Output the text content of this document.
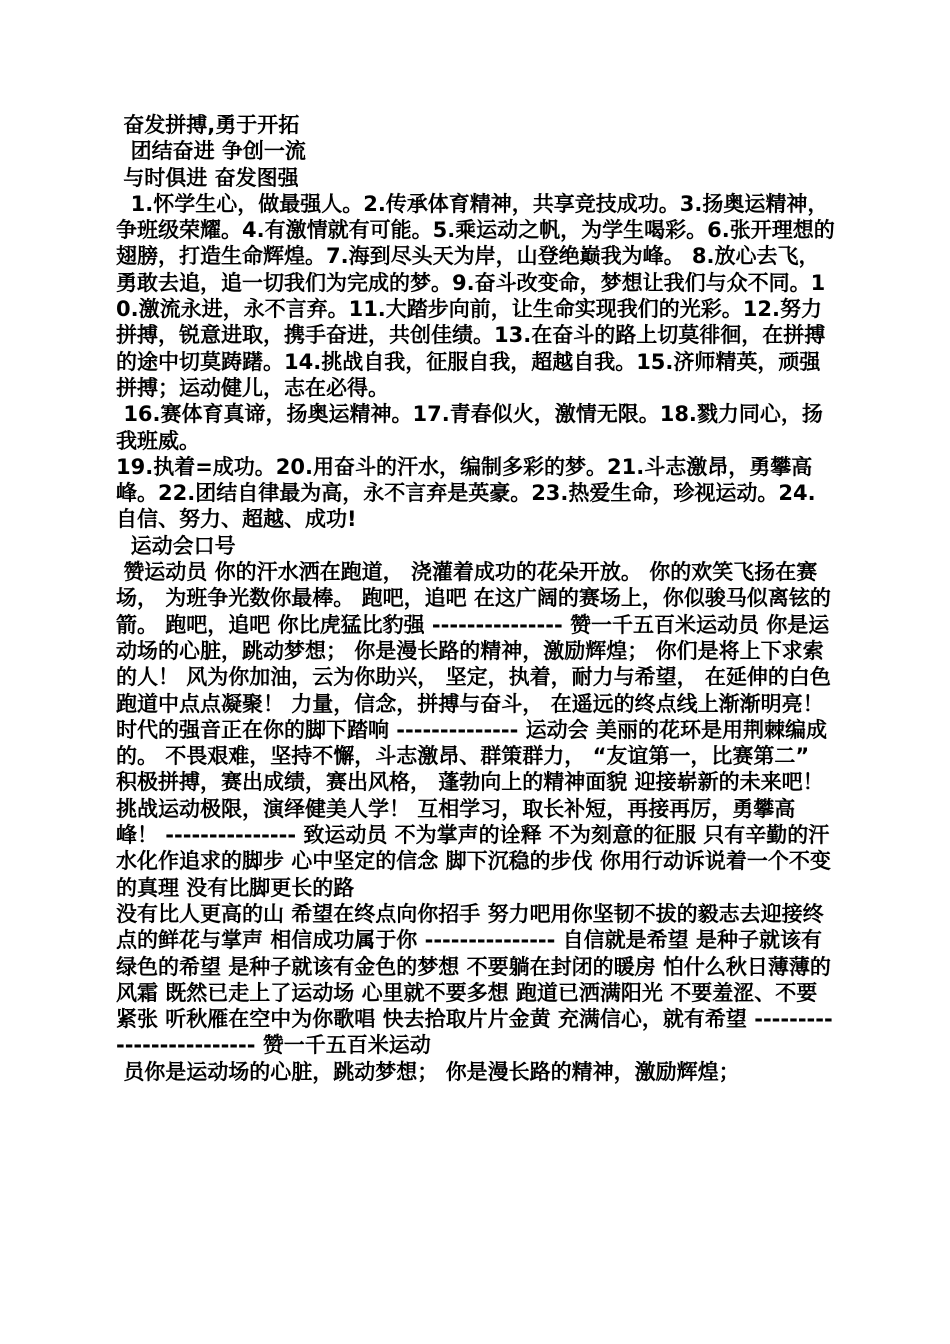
奋发拼搏,勇于开拓
团结奋进 争创一流
与时俱进 奋发图强

1.怀学生心，做最强人。2.传承体育精神，共享竞技成功。3.扬奥运精神，争班级荣耀。4.有激情就有可能。5.乘运动之帆，为学生喝彩。6.张开理想的翅膀，打造生命辉煌。7.海到尽头天为岸，山登绝巅我为峰。 8.放心去飞，勇敢去追，追一切我们为完成的梦。9.奋斗改变命，梦想让我们与众不同。10.激流永进，永不言弃。11.大踏步向前，让生命实现我们的光彩。12.努力拼搏，锐意进取，携手奋进，共创佳绩。13.在奋斗的路上切莫徘徊，在拼搏的途中切莫踌躇。14.挑战自我，征服自我，超越自我。15.济师精英，顽强拼搏；运动健儿，志在必得。

16.赛体育真谛，扬奥运精神。17.青春似火，激情无限。18.戮力同心，扬我班威。

19.执着=成功。20.用奋斗的汗水，编制多彩的梦。21.斗志激昂，勇攀高峰。22.团结自律最为高，永不言弃是英豪。23.热爱生命，珍视运动。24.自信、努力、超越、成功!

运动会口号

赞运动员 你的汗水洒在跑道， 浇灌着成功的花朵开放。 你的欢笑飞扬在赛场， 为班争光数你最棒。 跑吧，追吧 在这广阔的赛场上，你似骏马似离铉的箭。 跑吧，追吧 你比虎猛比豹强 --------------- 赞一千五百米运动员 你是运动场的心脏，跳动梦想； 你是漫长路的精神，激励辉煌； 你们是将上下求索的人！ 风为你加油，云为你助兴， 坚定，执着，耐力与希望， 在延伸的白色跑道中点点凝聚！ 力量，信念，拼搏与奋斗， 在遥远的终点线上渐渐明亮！ 时代的强音正在你的脚下踏响 -------------- 运动会 美丽的花环是用荆棘编成的。 不畏艰难，坚持不懈，斗志激昂、群策群力， “友谊第一，比赛第二” 积极拼搏，赛出成绩，赛出风格， 蓬勃向上的精神面貌 迎接崭新的未来吧！ 挑战运动极限，演绎健美人学！ 互相学习，取长补短，再接再厉，勇攀高峰！ --------------- 致运动员 不为掌声的诠释 不为刻意的征服 只有辛勤的汗水化作追求的脚步 心中坚定的信念 脚下沉稳的步伐 你用行动诉说着一个不变的真理 没有比脚更长的路

没有比人更高的山 希望在终点向你招手 努力吧用你坚韧不拔的毅志去迎接终点的鲜花与掌声 相信成功属于你 --------------- 自信就是希望 是种子就该有绿色的希望 是种子就该有金色的梦想 不要躺在封闭的暖房 怕什么秋日薄薄的风霜 既然已走上了运动场 心里就不要多想 跑道已洒满阳光 不要羞涩、不要紧张 听秋雁在空中为你歌唱 快去拾取片片金黄 充满信心，就有希望 ------------------------- 赞一千五百米运动

员你是运动场的心脏，跳动梦想； 你是漫长路的精神，激励辉煌；
